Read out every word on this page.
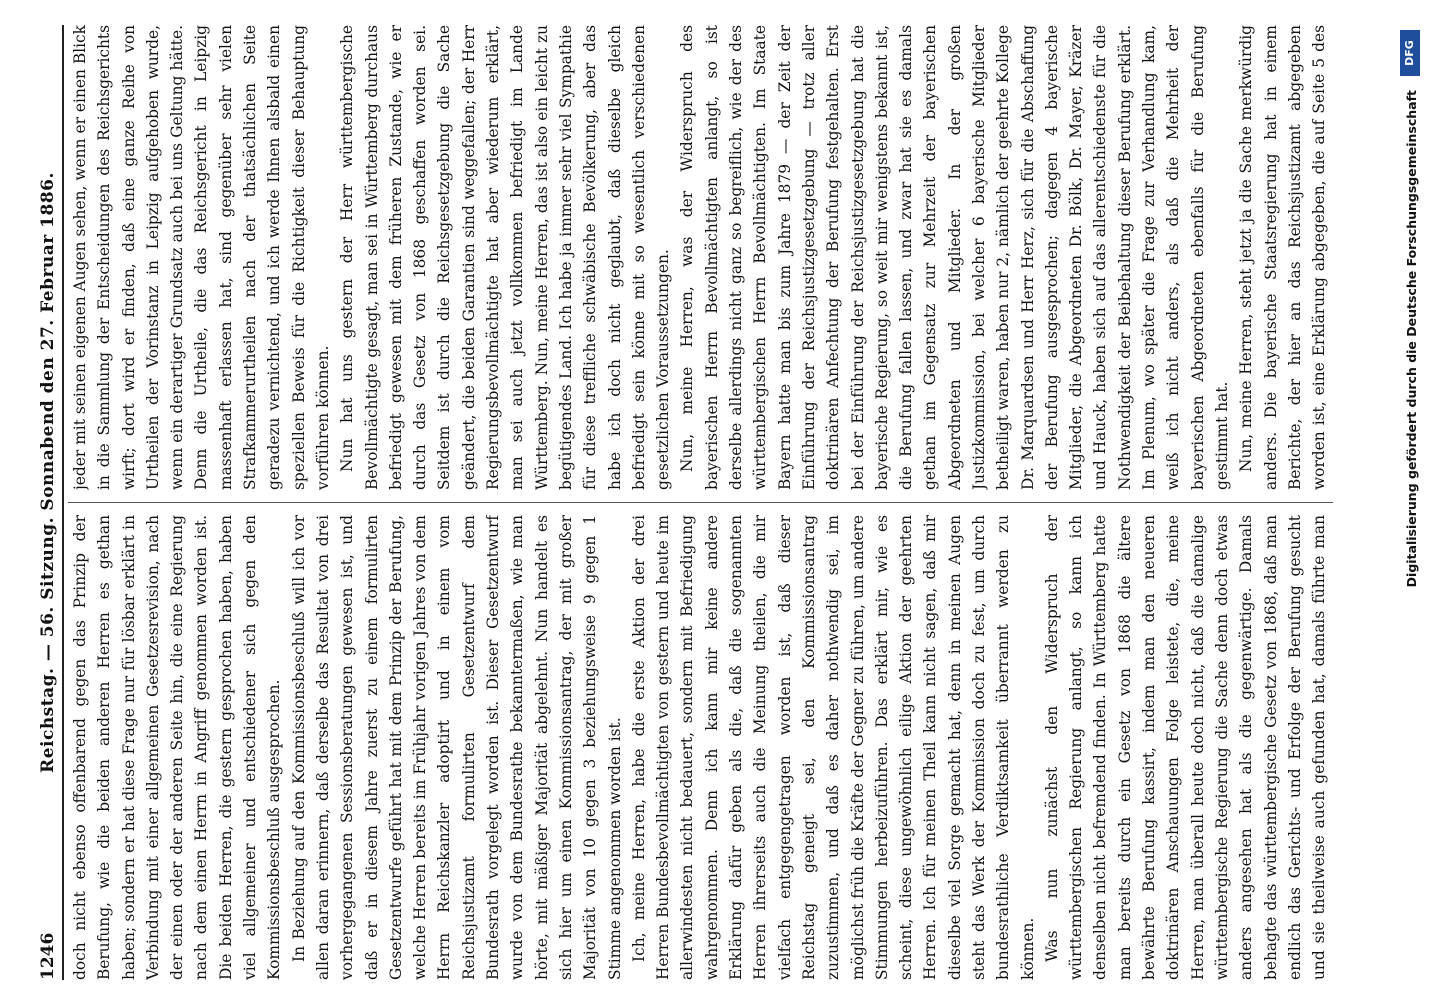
1246
Reichstag. — 56. Sitzung. Sonnabend den 27. Februar 1886. doch nicht ebenso offenbarend gegen das Prinzip der Berufung, wie die beiden anderen Herren es gethan haben; sondern er hat diese Frage nur für lösbar erklärt in Verbindung mit einer allgemeinen Gesetzesrevision, nach der einen oder der anderen Seite hin, die eine Regierung nach dem einen Herrn in Angriff genommen worden ist. Die beiden Herren, die gestern gesprochen haben, haben viel allgemeiner und entschiedener sich gegen den Kommissionsbeschluß ausgesprochen. In Beziehung auf den Kommissionsbeschluß will ich vor allen daran erinnern, daß derselbe das Resultat von drei vorhergegangenen Sessionsberatungen gewesen ist, und daß er in diesem Jahre zuerst zu einem formulirten Gesetzentwurfe geführt hat mit dem Prinzip der Berufung, welche Herren bereits im Frühjahr vorigen Jahres von dem Herrn Reichskanzler adoptirt und in einem vom Reichsjustizamt formulirten Gesetzentwurf dem Bundesrath vorgelegt worden ist. Dieser Gesetzentwurf wurde von dem Bundesrathe bekanntermaßen, wie man hörte, mit mäßiger Majorität abgelehnt. Nun handelt es sich hier um einen Kommissionsantrag, der mit großer Majorität von 10 gegen 3 beziehungsweise 9 gegen 1 Stimme angenommen worden ist. Ich, meine Herren, habe die erste Aktion der drei Herren Bundesbevollmächtigten von gestern und heute im allerwindesten nicht bedauert, sondern mit Befriedigung wahrgenommen. Denn ich kann mir keine andere Erklärung dafür geben als die, daß die sogenannten Herren ihrerseits auch die Meinung theilen, die mir vielfach entgegengetragen worden ist, daß dieser Reichstag geneigt sei, den Kommissionsantrag zuzustimmen, und daß es daher nothwendig sei, im möglichst früh die Kräfte der Gegner zu führen, um andere Stimmungen herbeizuführen. Das erklärt mir, wie es scheint, diese ungewöhnlich eilige Aktion der geehrten Herren. Ich für meinen Theil kann nicht sagen, daß mir dieselbe viel Sorge gemacht hat, denn in meinen Augen steht das Werk der Kommission doch zu fest, um durch bundesrathliche Verdiktsamkeit überrannt werden zu können. Was nun zunächst den Widerspruch der württembergischen Regierung anlangt, so kann ich denselben nicht befremdend finden. In Württemberg hatte man bereits durch ein Gesetz von 1868 die ältere bewährte Berufung kassirt, indem man den neueren doktrinären Anschauungen Folge leistete, die, meine Herren, man überall heute doch nicht, daß die damalige württembergische Regierung die Sache denn doch etwas anders angesehen hat als die gegenwärtige. Damals behagte das württembergische Gesetz von 1868, daß man endlich das Gerichts- und Erfolge der Berufung gesucht und sie theilweise auch gefunden hat, damals führte man

jeder mit seinen eigenen Augen sehen, wenn er einen Blick in die Sammlung der Entscheidungen des Reichsgerichts wirft; dort wird er finden, daß eine ganze Reihe von Urtheilen der Vorinstanz in Leipzig aufgehoben wurde, wenn ein derartiger Grundsatz auch bei uns Geltung hätte. Denn die Urtheile, die das Reichsgericht in Leipzig massenhaft erlassen hat, sind gegenüber sehr vielen Strafkammerurtheilen nach der thatsächlichen Seite geradezu vernichtend, und ich werde Ihnen alsbald einen speziellen Beweis für die Richtigkeit dieser Behauptung vorführen können. Nun hat uns gestern der Herr württembergische Bevollmächtigte gesagt, man sei in Württemberg durchaus befriedigt gewesen mit dem früheren Zustande, wie er durch das Gesetz von 1868 geschaffen worden sei. Seitdem ist durch die Reichsgesetzgebung die Sache geändert, die beiden Garantien sind weggefallen; der Herr Regierungsbevollmächtigte hat aber wiederum erklärt, man sei auch jetzt vollkommen befriedigt im Lande Württemberg. Nun, meine Herren, das ist also ein leicht zu begütigendes Land. Ich habe ja immer sehr viel Sympathie für diese treffliche schwäbische Bevölkerung, aber das habe ich doch nicht geglaubt, daß dieselbe gleich befriedigt sein könne mit so wesentlich verschiedenen gesetzlichen Voraussetzungen. Nun, meine Herren, was der Widerspruch des bayerischen Herrn Bevollmächtigten anlangt, so ist derselbe allerdings nicht ganz so begreiflich, wie der des württembergischen Herrn Bevollmächtigten. Im Staate Bayern hatte man bis zum Jahre 1879 — der Zeit der Einführung der Reichsjustizgesetzgebung — trotz aller doktrinären Anfechtung der Berufung festgehalten. Erst bei der Einführung der Reichsjustizgesetzgebung hat die bayerische Regierung, so weit mir wenigstens bekannt ist, die Berufung fallen lassen, und zwar hat sie es damals gethan im Gegensatz zur Mehrzeit der bayerischen Abgeordneten und Mitglieder. In der großen Justizkommission, bei welcher 6 bayerische Mitglieder betheiligt waren, haben nur 2, nämlich der geehrte Kollege Dr. Marquardsen und Herr Herz, sich für die Abschaffung der Berufung ausgesprochen; dagegen 4 bayerische Mitglieder, die Abgeordneten Dr. Bölk, Dr. Mayer, Kräzer und Hauck, haben sich auf das allerentschiedenste für die Nothwendigkeit der Beibehaltung dieser Berufung erklärt. Im Plenum, wo später die Frage zur Verhandlung kam, weiß ich nicht anders, als daß die Mehrheit der bayerischen Abgeordneten ebenfalls für die Berufung gestimmt hat. Nun, meine Herren, steht jetzt ja die Sache merkwürdig anders. Die bayerische Staatsregierung hat in einem Berichte, der hier an das Reichsjustizamt abgegeben worden ist, eine Erklärung abgegeben, die auf Seite 5 des

Digitalisierung gefördert durch die Deutsche Forschungsgemeinschaft
DFG
